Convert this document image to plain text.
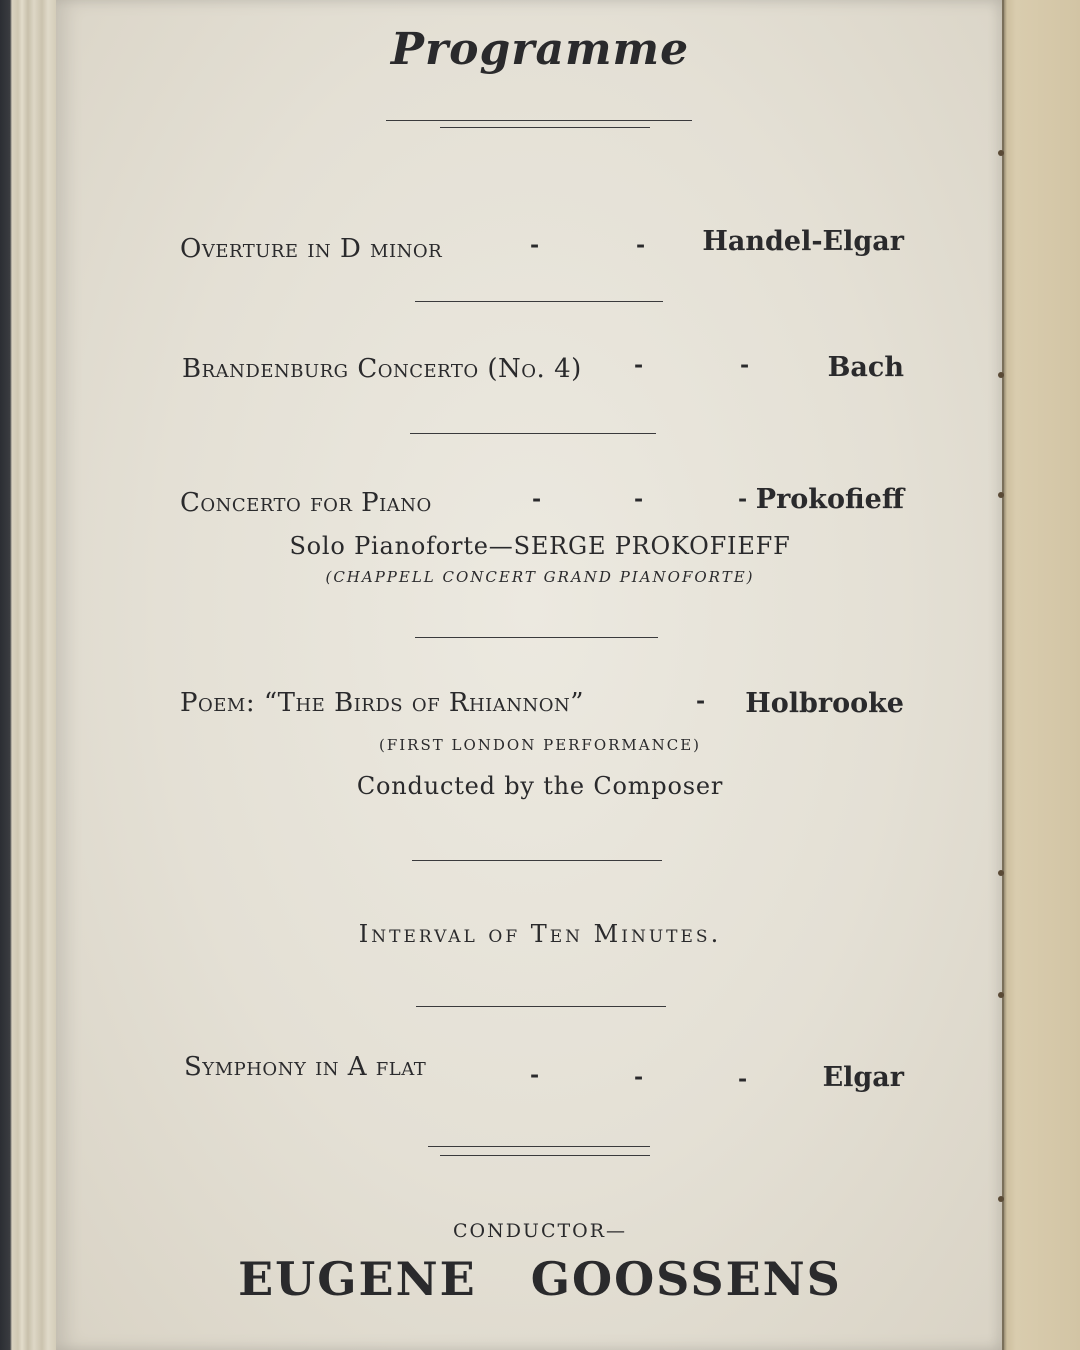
Programme
Overture in D minor	-	- Handel-Elgar
Brandenburg Concerto (No. 4) -	-	Bach
Concerto for Piano	-	-	- Prokofieff
Solo Pianoforte—SERGE PROKOFIEFF
(CHAPPELL CONCERT GRAND PIANOFORTE)
Poem: “The Birds of Rhiannon”	- Holbrooke
(FIRST LONDON PERFORMANCE)
Conducted by the Composer
Interval of Ten Minutes.
Symphony in A flat	-	-	-	Elgar
CONDUCTOR—
EUGENE GOOSSENS
